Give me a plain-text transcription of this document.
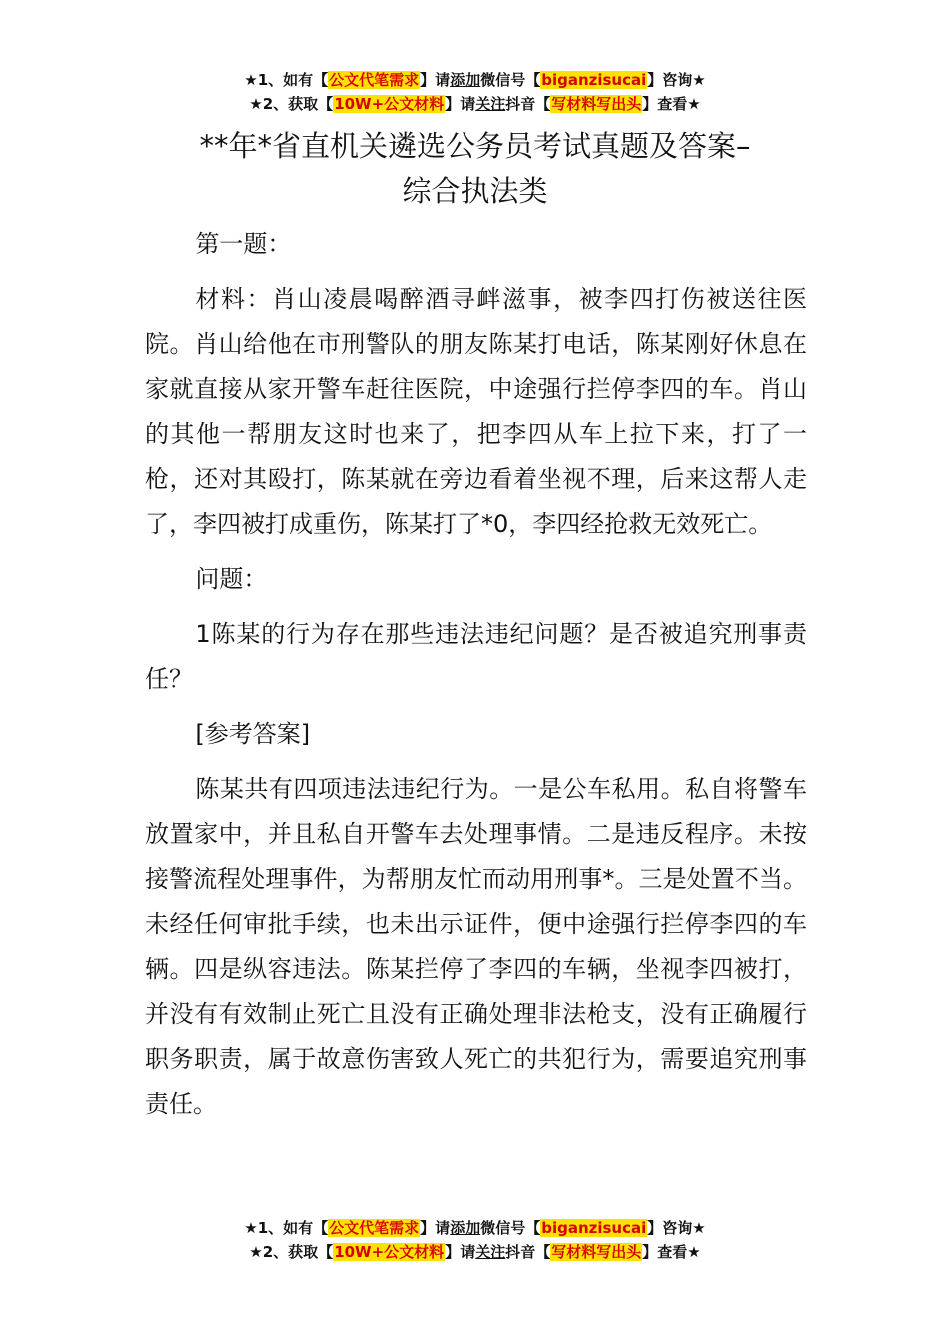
★1、如有【公文代笔需求】请添加微信号【biganzisucai】咨询★
★2、获取【10W+公文材料】请关注抖音【写材料写出头】查看★
**年*省直机关遴选公务员考试真题及答案–
综合执法类

第一题：

材料：肖山凌晨喝醉酒寻衅滋事，被李四打伤被送往医院。肖山给他在市刑警队的朋友陈某打电话，陈某刚好休息在家就直接从家开警车赶往医院，中途强行拦停李四的车。肖山的其他一帮朋友这时也来了，把李四从车上拉下来，打了一枪，还对其殴打，陈某就在旁边看着坐视不理，后来这帮人走了，李四被打成重伤，陈某打了*0，李四经抢救无效死亡。

问题：

1陈某的行为存在那些违法违纪问题？是否被追究刑事责任？

[参考答案]

陈某共有四项违法违纪行为。一是公车私用。私自将警车放置家中，并且私自开警车去处理事情。二是违反程序。未按接警流程处理事件，为帮朋友忙而动用刑事*。三是处置不当。未经任何审批手续，也未出示证件，便中途强行拦停李四的车辆。四是纵容违法。陈某拦停了李四的车辆，坐视李四被打，并没有有效制止死亡且没有正确处理非法枪支，没有正确履行职务职责，属于故意伤害致人死亡的共犯行为，需要追究刑事责任。

★1、如有【公文代笔需求】请添加微信号【biganzisucai】咨询★
★2、获取【10W+公文材料】请关注抖音【写材料写出头】查看★
